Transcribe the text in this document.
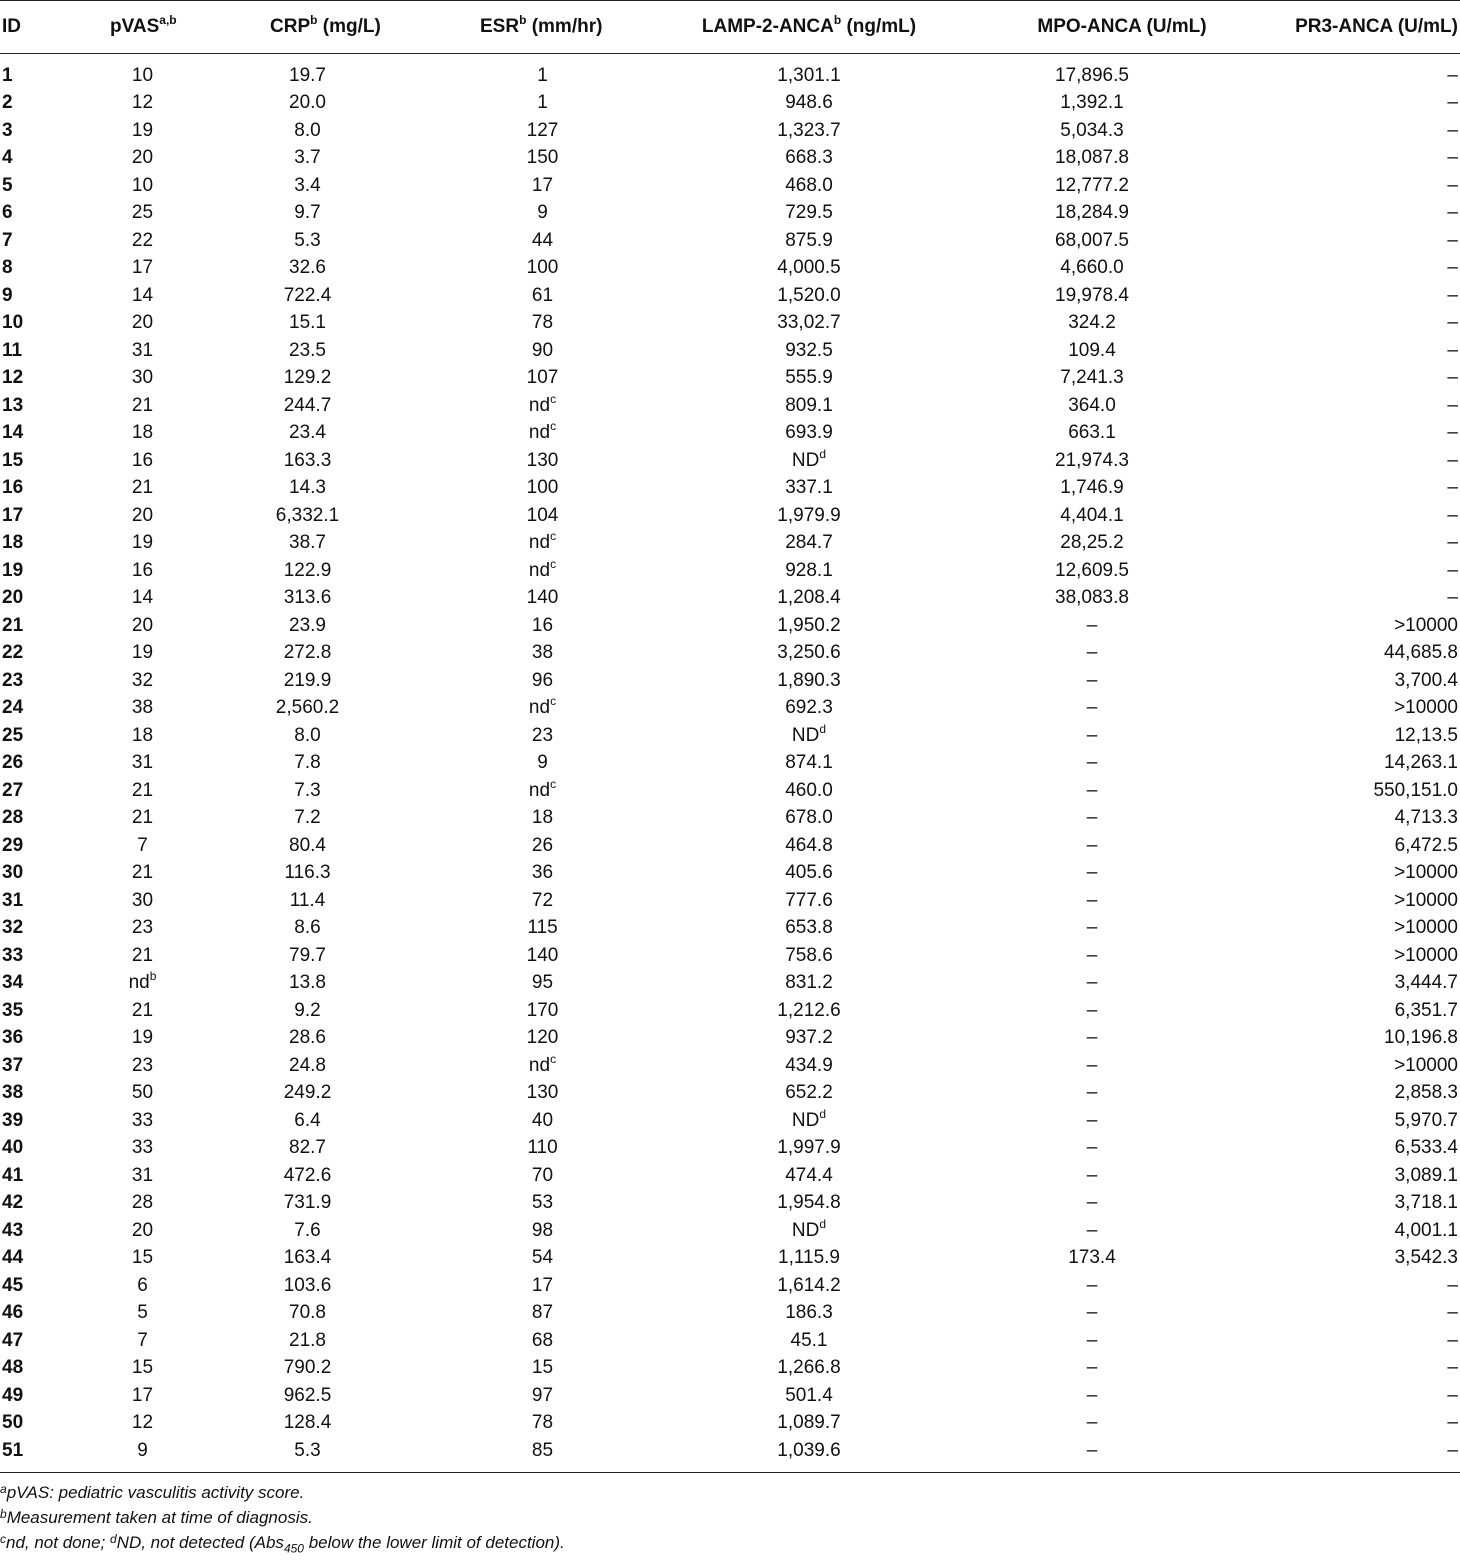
ID	pVAS$^{a,b}$	CRP$^b$ (mg/L)	ESR$^b$ (mm/hr)	LAMP-2-ANCA$^b$ (ng/mL)	MPO-ANCA (U/mL)	PR3-ANCA (U/mL)
1	10	19.7	1	1,301.1	17,896.5	–
2	12	20.0	1	948.6	1,392.1	–
3	19	8.0	127	1,323.7	5,034.3	–
4	20	3.7	150	668.3	18,087.8	–
5	10	3.4	17	468.0	12,777.2	–
6	25	9.7	9	729.5	18,284.9	–
7	22	5.3	44	875.9	68,007.5	–
8	17	32.6	100	4,000.5	4,660.0	–
9	14	722.4	61	1,520.0	19,978.4	–
10	20	15.1	78	33,02.7	324.2	–
11	31	23.5	90	932.5	109.4	–
12	30	129.2	107	555.9	7,241.3	–
13	21	244.7	$nd^c$	809.1	364.0	–
14	18	23.4	$nd^c$	693.9	663.1	–
15	16	163.3	130	$ND^d$	21,974.3	–
16	21	14.3	100	337.1	1,746.9	–
17	20	6,332.1	104	1,979.9	4,404.1	–
18	19	38.7	$nd^c$	284.7	28,25.2	–
19	16	122.9	$nd^c$	928.1	12,609.5	–
20	14	313.6	140	1,208.4	38,083.8	–
21	20	23.9	16	1,950.2	–	>10000
22	19	272.8	38	3,250.6	–	44,685.8
23	32	219.9	96	1,890.3	–	3,700.4
24	38	2,560.2	$nd^c$	692.3	–	>10000
25	18	8.0	23	$ND^d$	–	12,13.5
26	31	7.8	9	874.1	–	14,263.1
27	21	7.3	$nd^c$	460.0	–	550,151.0
28	21	7.2	18	678.0	–	4,713.3
29	7	80.4	26	464.8	–	6,472.5
30	21	116.3	36	405.6	–	>10000
31	30	11.4	72	777.6	–	>10000
32	23	8.6	115	653.8	–	>10000
33	21	79.7	140	758.6	–	>10000
34	$nd^b$	13.8	95	831.2	–	3,444.7
35	21	9.2	170	1,212.6	–	6,351.7
36	19	28.6	120	937.2	–	10,196.8
37	23	24.8	$nd^c$	434.9	–	>10000
38	50	249.2	130	652.2	–	2,858.3
39	33	6.4	40	$ND^d$	–	5,970.7
40	33	82.7	110	1,997.9	–	6,533.4
41	31	472.6	70	474.4	–	3,089.1
42	28	731.9	53	1,954.8	–	3,718.1
43	20	7.6	98	$ND^d$	–	4,001.1
44	15	163.4	54	1,115.9	173.4	3,542.3
45	6	103.6	17	1,614.2	–	–
46	5	70.8	87	186.3	–	–
47	7	21.8	68	45.1	–	–
48	15	790.2	15	1,266.8	–	–
49	17	962.5	97	501.4	–	–
50	12	128.4	78	1,089.7	–	–
51	9	5.3	85	1,039.6	–	–
$^a$pVAS: pediatric vasculitis activity score.
$^b$Measurement taken at time of diagnosis.
$^c$nd, not done; $^d$ND, not detected (Abs$_{450}$ below the lower limit of detection).
